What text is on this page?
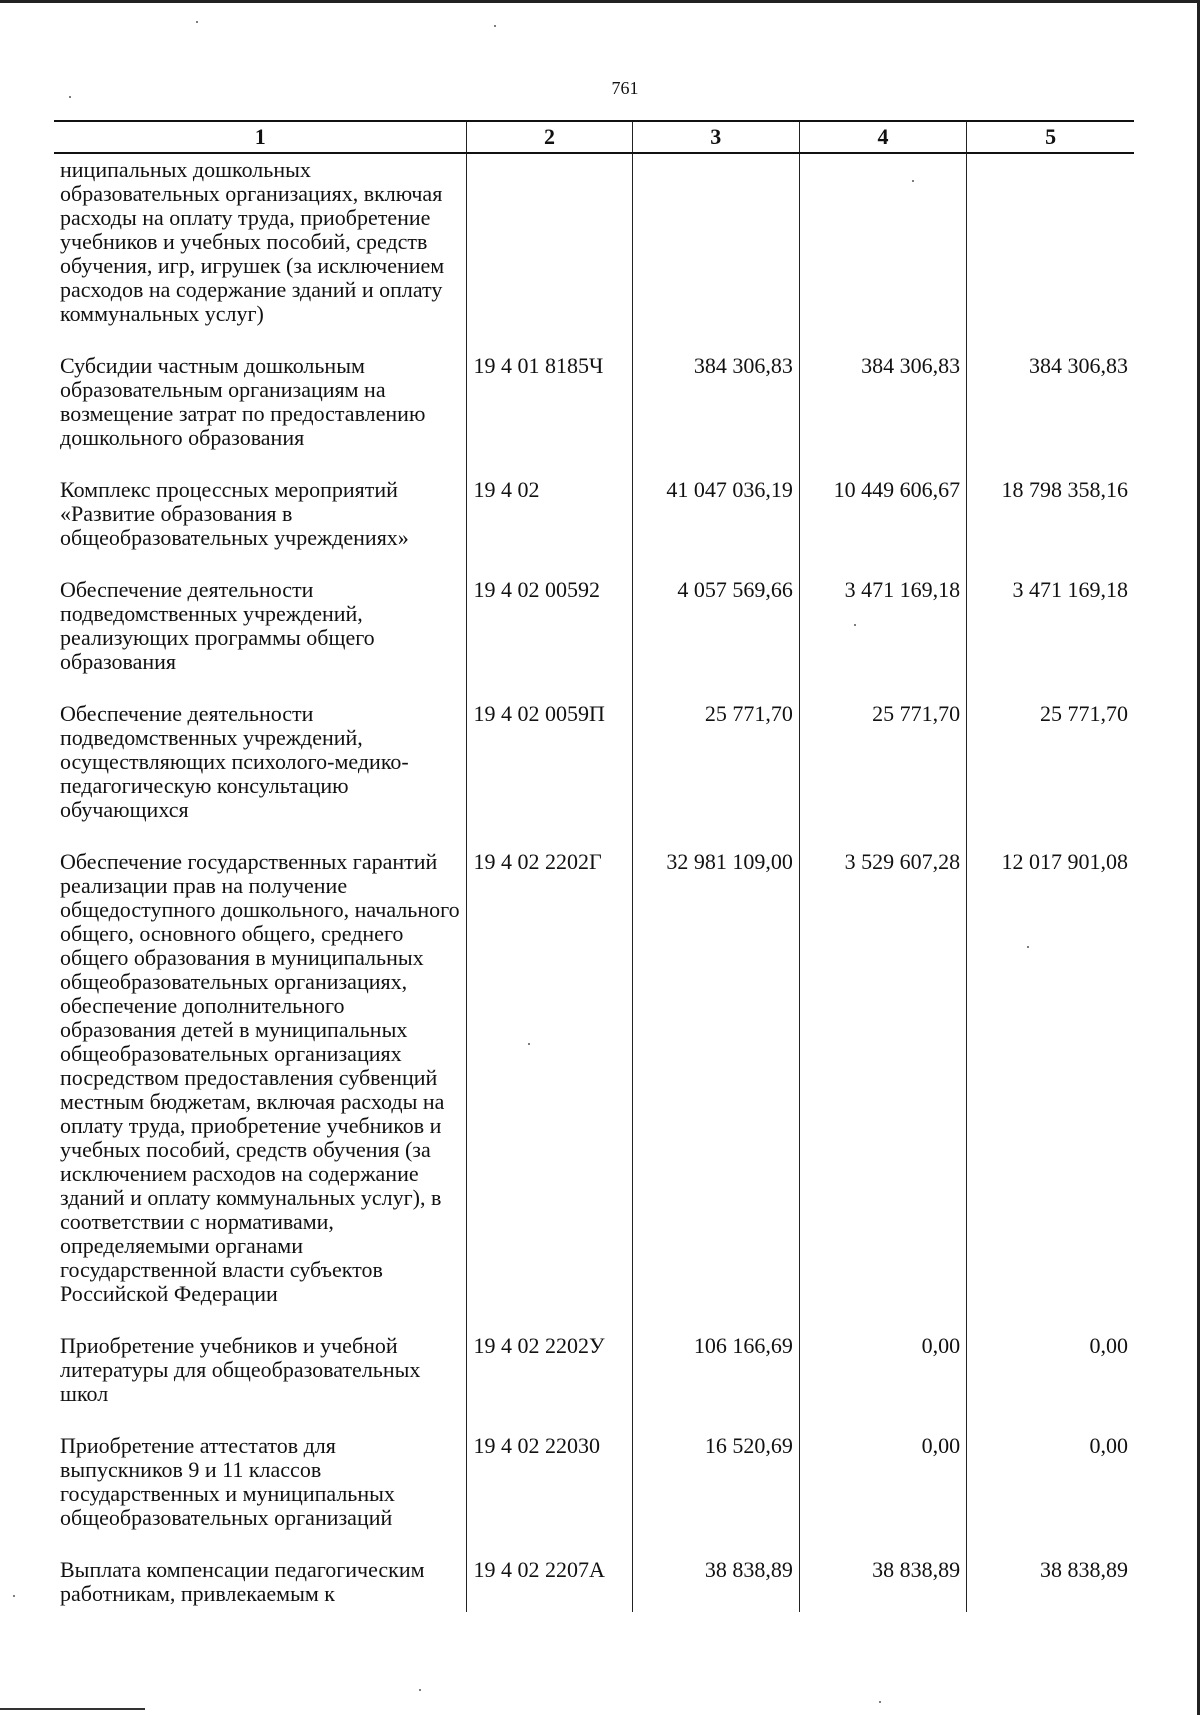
761
1	2	3	4	5
ниципальных дошкольных образовательных организациях, включая расходы на оплату труда, приобретение учебников и учебных пособий, средств обучения, игр, игрушек (за исключением расходов на содержание зданий и оплату коммунальных услуг)				
Субсидии частным дошкольным образовательным организациям на возмещение затрат по предоставлению дошкольного образования	19 4 01 8185Ч	384 306,83	384 306,83	384 306,83
Комплекс процессных мероприятий «Развитие образования в общеобразовательных учреждениях»	19 4 02	41 047 036,19	10 449 606,67	18 798 358,16
Обеспечение деятельности подведомственных учреждений, реализующих программы общего образования	19 4 02 00592	4 057 569,66	3 471 169,18	3 471 169,18
Обеспечение деятельности подведомственных учреждений, осуществляющих психолого-медико-педагогическую консультацию обучающихся	19 4 02 0059П	25 771,70	25 771,70	25 771,70
Обеспечение государственных гарантий реализации прав на получение общедоступного дошкольного, начального общего, основного общего, среднего общего образования в муниципальных общеобразовательных организациях, обеспечение дополнительного образования детей в муниципальных общеобразовательных организациях посредством предоставления субвенций местным бюджетам, включая расходы на оплату труда, приобретение учебников и учебных пособий, средств обучения (за исключением расходов на содержание зданий и оплату коммунальных услуг), в соответствии с нормативами, определяемыми органами государственной власти субъектов Российской Федерации	19 4 02 2202Г	32 981 109,00	3 529 607,28	12 017 901,08
Приобретение учебников и учебной литературы для общеобразовательных школ	19 4 02 2202У	106 166,69	0,00	0,00
Приобретение аттестатов для выпускников 9 и 11 классов государственных и муниципальных общеобразовательных организаций	19 4 02 22030	16 520,69	0,00	0,00
Выплата компенсации педагогическим работникам, привлекаемым к	19 4 02 2207А	38 838,89	38 838,89	38 838,89
